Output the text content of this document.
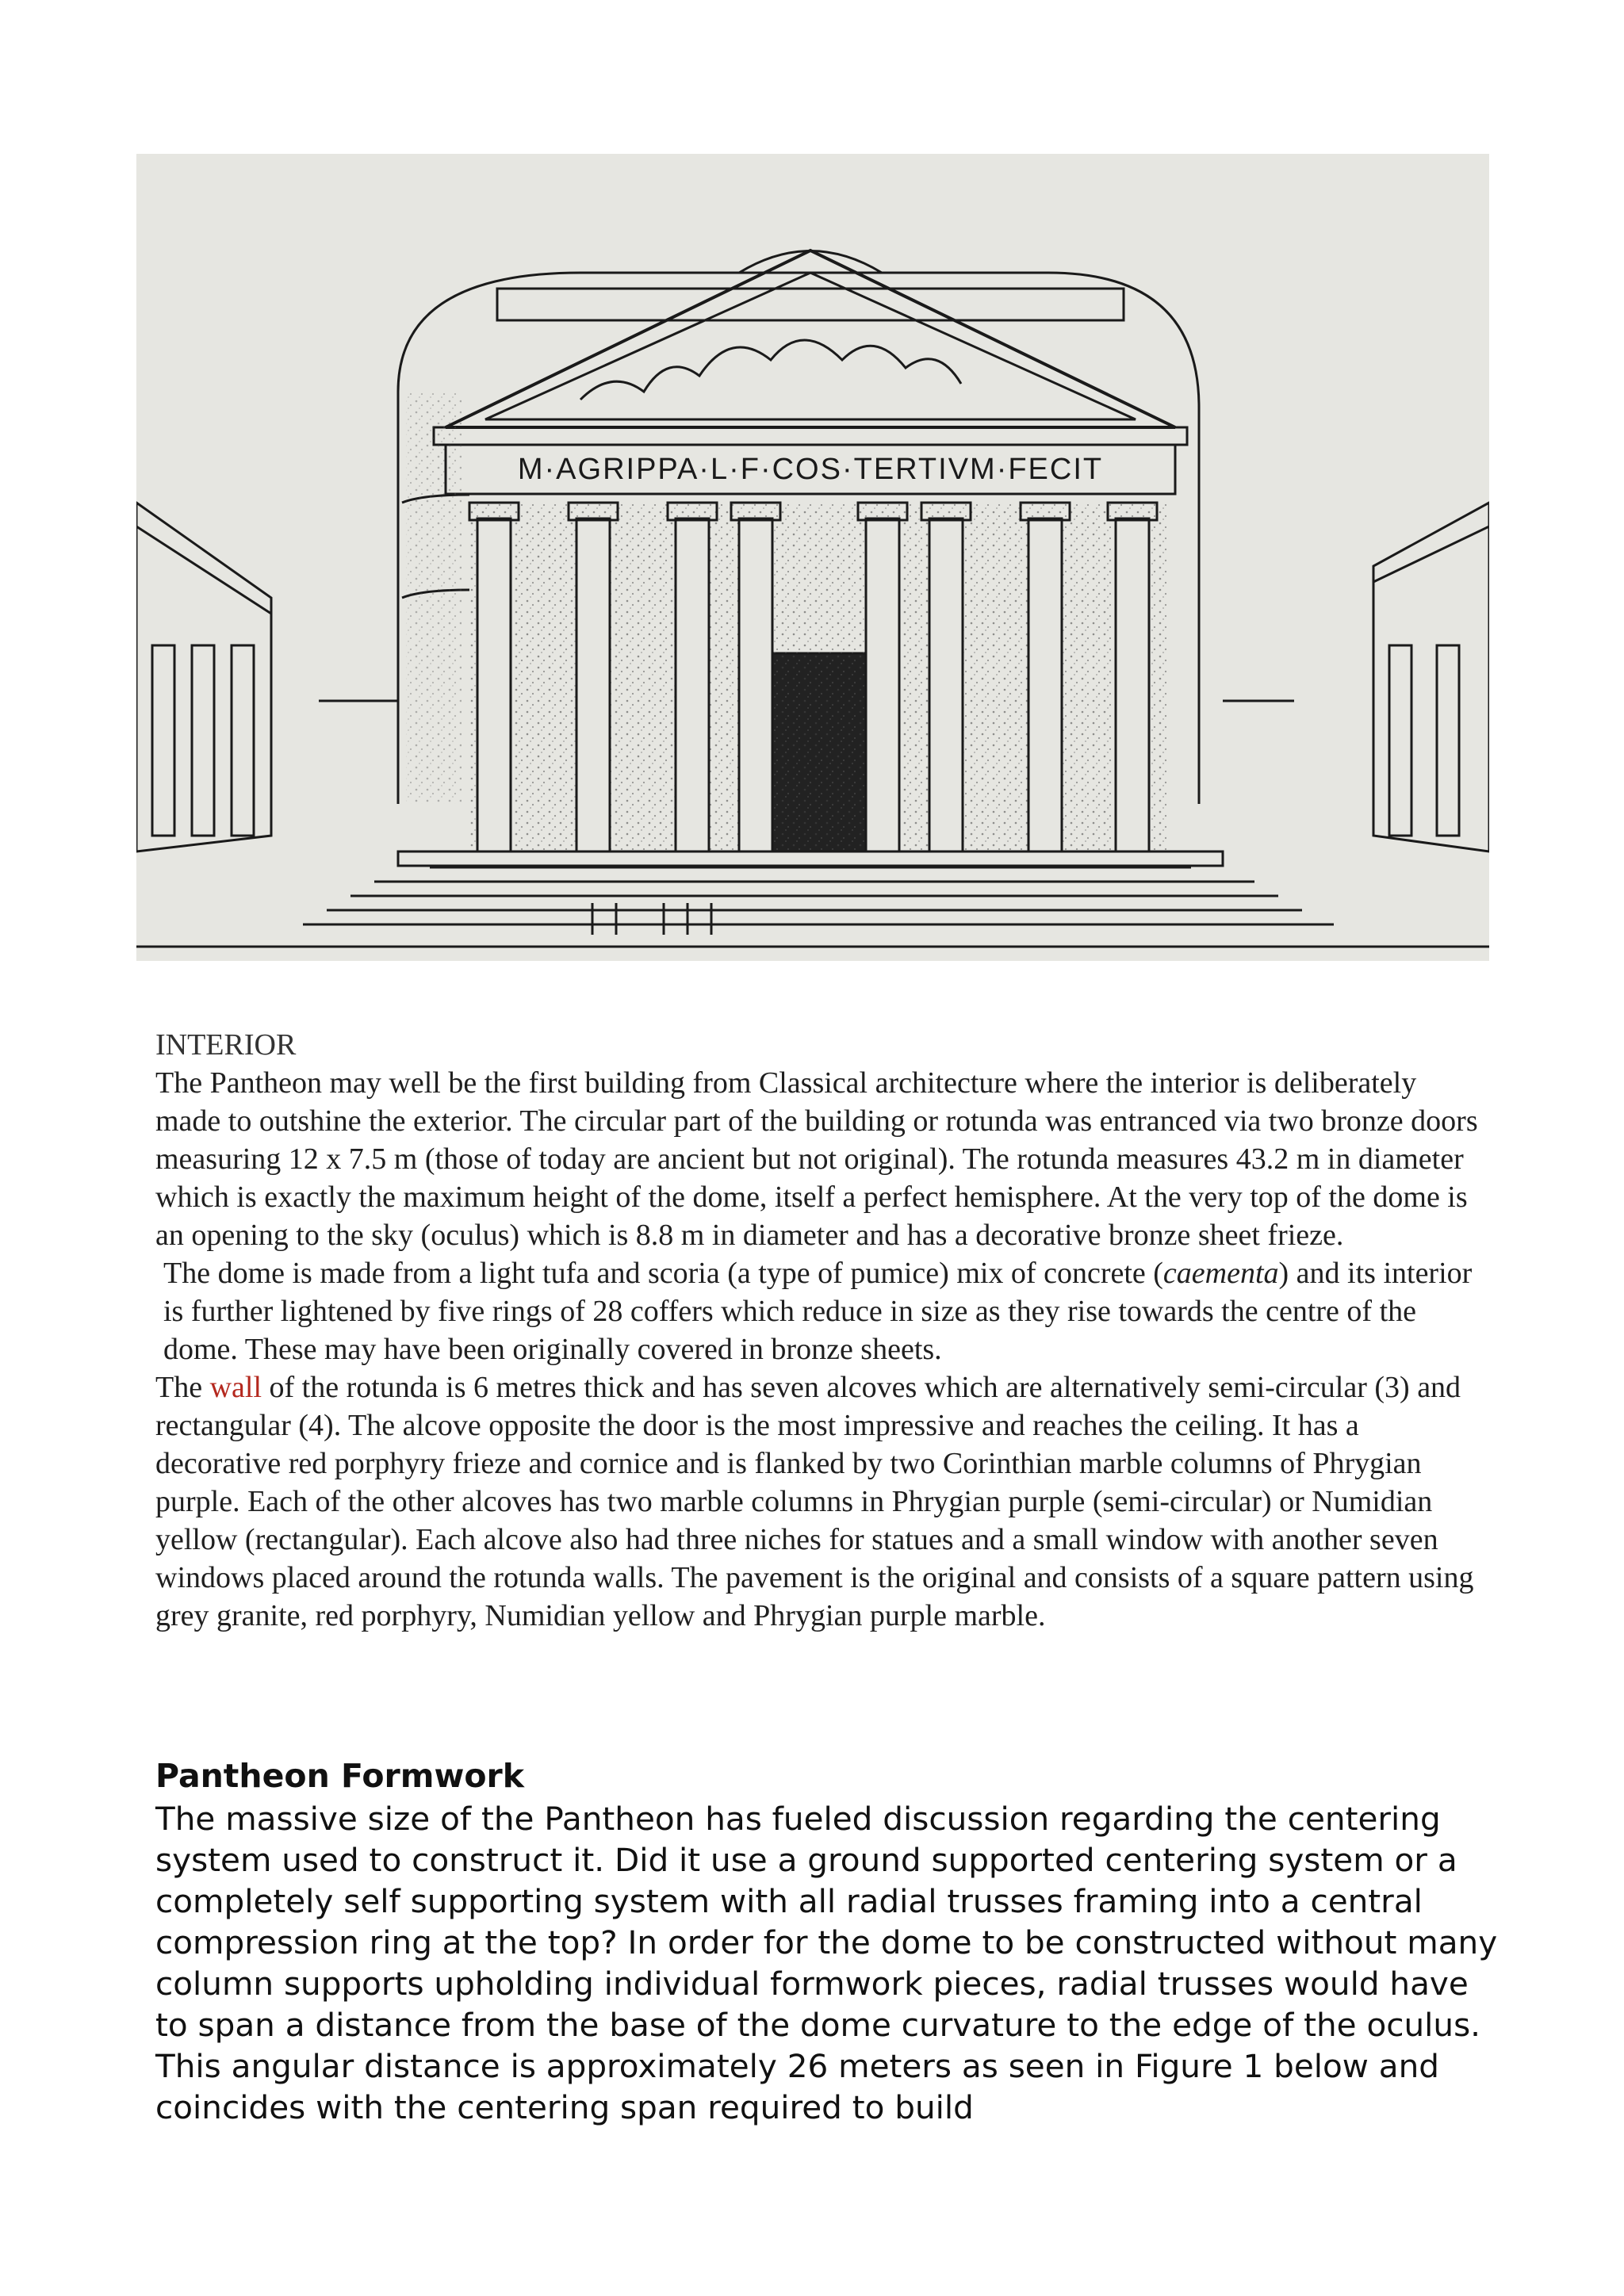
M·AGRIPPA·L·F·COS·TERTIVM·FECIT

INTERIOR

The Pantheon may well be the first building from Classical architecture where the interior is deliberately made to outshine the exterior. The circular part of the building or rotunda was entranced via two bronze doors measuring 12 x 7.5 m (those of today are ancient but not original). The rotunda measures 43.2 m in diameter which is exactly the maximum height of the dome, itself a perfect hemisphere. At the very top of the dome is an opening to the sky (oculus) which is 8.8 m in diameter and has a decorative bronze sheet frieze.

The dome is made from a light tufa and scoria (a type of pumice) mix of concrete (caementa) and its interior is further lightened by five rings of 28 coffers which reduce in size as they rise towards the centre of the dome. These may have been originally covered in bronze sheets.

The wall of the rotunda is 6 metres thick and has seven alcoves which are alternatively semi-circular (3) and rectangular (4). The alcove opposite the door is the most impressive and reaches the ceiling. It has a decorative red porphyry frieze and cornice and is flanked by two Corinthian marble columns of Phrygian purple. Each of the other alcoves has two marble columns in Phrygian purple (semi-circular) or Numidian yellow (rectangular). Each alcove also had three niches for statues and a small window with another seven windows placed around the rotunda walls. The pavement is the original and consists of a square pattern using grey granite, red porphyry, Numidian yellow and Phrygian purple marble.

Pantheon Formwork

The massive size of the Pantheon has fueled discussion regarding the centering system used to construct it. Did it use a ground supported centering system or a completely self supporting system with all radial trusses framing into a central compression ring at the top? In order for the dome to be constructed without many column supports upholding individual formwork pieces, radial trusses would have to span a distance from the base of the dome curvature to the edge of the oculus. This angular distance is approximately 26 meters as seen in Figure 1 below and coincides with the centering span required to build
